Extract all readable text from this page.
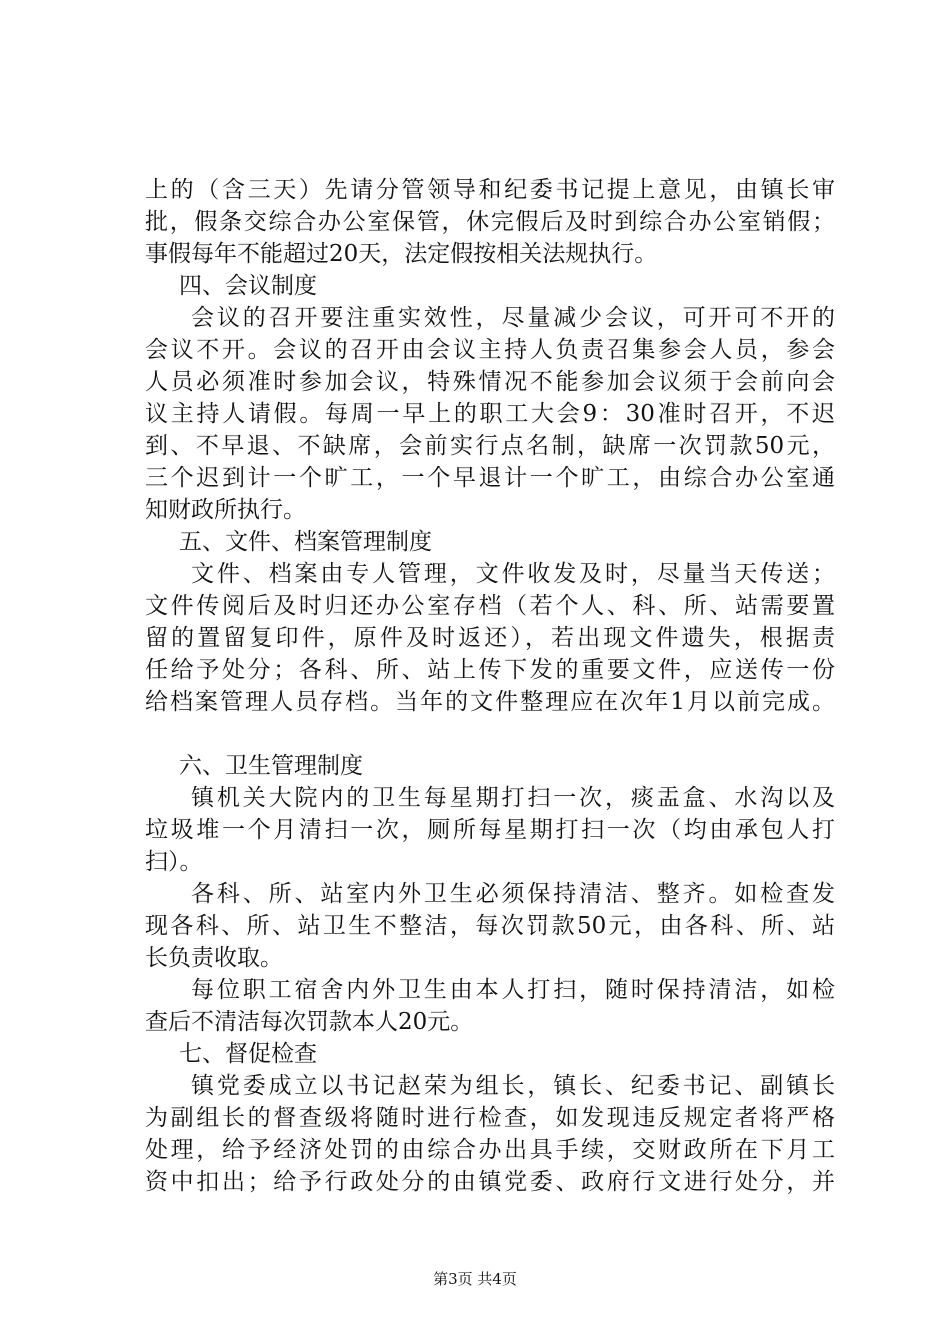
上的（含三天）先请分管领导和纪委书记提上意见，由镇长审
批，假条交综合办公室保管，休完假后及时到综合办公室销假；
事假每年不能超过20天，法定假按相关法规执行。
四、会议制度
会议的召开要注重实效性，尽量减少会议，可开可不开的
会议不开。会议的召开由会议主持人负责召集参会人员，参会
人员必须准时参加会议，特殊情况不能参加会议须于会前向会
议主持人请假。每周一早上的职工大会9：30准时召开，不迟
到、不早退、不缺席，会前实行点名制，缺席一次罚款50元，
三个迟到计一个旷工，一个早退计一个旷工，由综合办公室通
知财政所执行。
五、文件、档案管理制度
文件、档案由专人管理，文件收发及时，尽量当天传送；
文件传阅后及时归还办公室存档（若个人、科、所、站需要置
留的置留复印件，原件及时返还），若出现文件遗失，根据责
任给予处分；各科、所、站上传下发的重要文件，应送传一份
给档案管理人员存档。当年的文件整理应在次年1月以前完成。
六、卫生管理制度
镇机关大院内的卫生每星期打扫一次，痰盂盒、水沟以及
垃圾堆一个月清扫一次，厕所每星期打扫一次（均由承包人打
扫）。
各科、所、站室内外卫生必须保持清洁、整齐。如检查发
现各科、所、站卫生不整洁，每次罚款50元，由各科、所、站
长负责收取。
每位职工宿舍内外卫生由本人打扫，随时保持清洁，如检
查后不清洁每次罚款本人20元。
七、督促检查
镇党委成立以书记赵荣为组长，镇长、纪委书记、副镇长
为副组长的督查级将随时进行检查，如发现违反规定者将严格
处理，给予经济处罚的由综合办出具手续，交财政所在下月工
资中扣出；给予行政处分的由镇党委、政府行文进行处分，并
第3页 共4页
